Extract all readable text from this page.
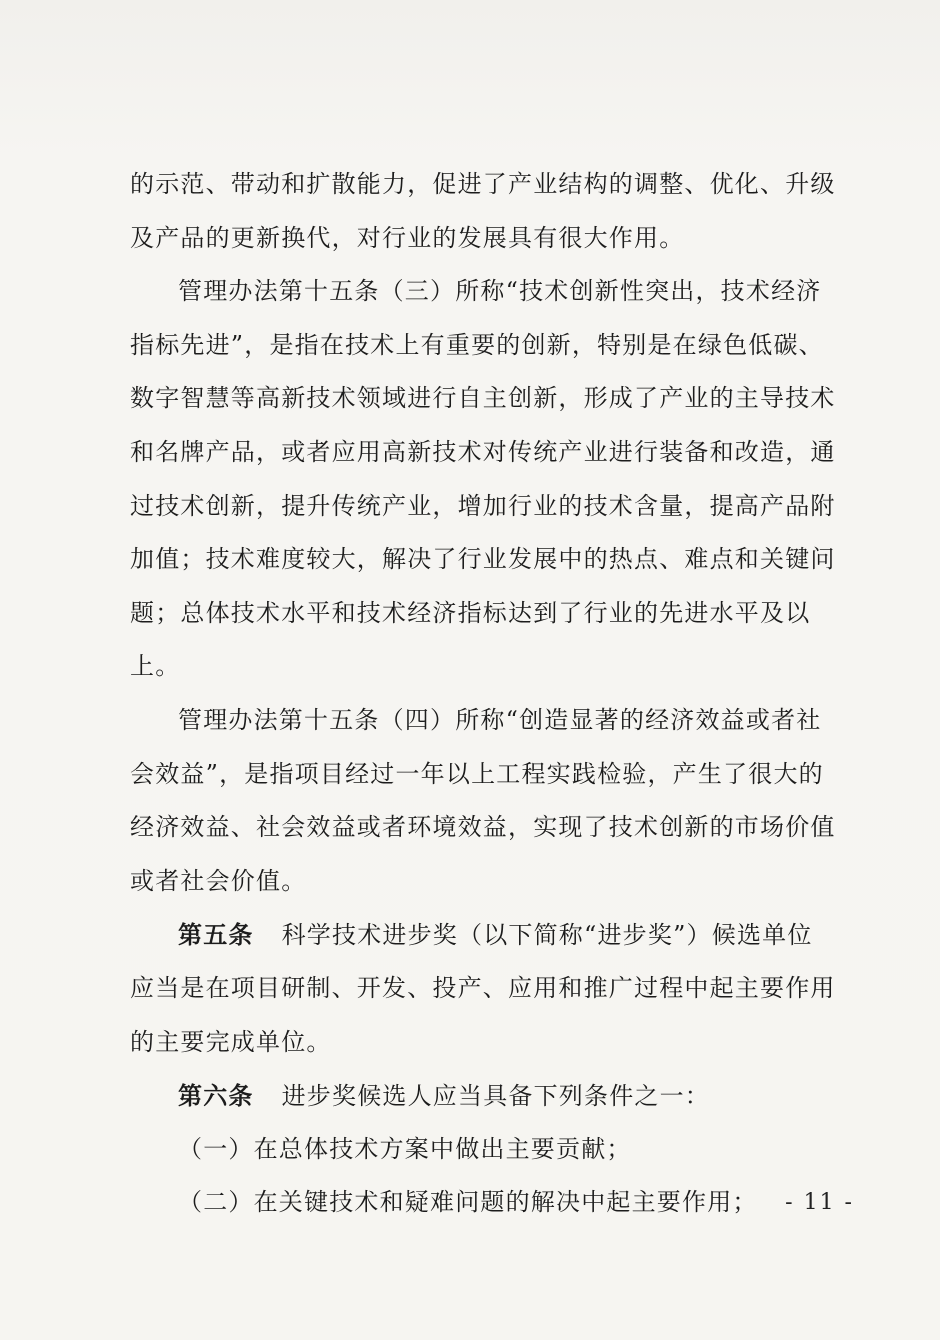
的示范、带动和扩散能力，促进了产业结构的调整、优化、升级
及产品的更新换代，对行业的发展具有很大作用。
管理办法第十五条（三）所称“技术创新性突出，技术经济
指标先进”，是指在技术上有重要的创新，特别是在绿色低碳、
数字智慧等高新技术领域进行自主创新，形成了产业的主导技术
和名牌产品，或者应用高新技术对传统产业进行装备和改造，通
过技术创新，提升传统产业，增加行业的技术含量，提高产品附
加值；技术难度较大，解决了行业发展中的热点、难点和关键问
题；总体技术水平和技术经济指标达到了行业的先进水平及以
上。
管理办法第十五条（四）所称“创造显著的经济效益或者社
会效益”，是指项目经过一年以上工程实践检验，产生了很大的
经济效益、社会效益或者环境效益，实现了技术创新的市场价值
或者社会价值。
第五条 科学技术进步奖（以下简称“进步奖”）候选单位
应当是在项目研制、开发、投产、应用和推广过程中起主要作用
的主要完成单位。
第六条 进步奖候选人应当具备下列条件之一：
（一）在总体技术方案中做出主要贡献；
（二）在关键技术和疑难问题的解决中起主要作用；	- 11 -
